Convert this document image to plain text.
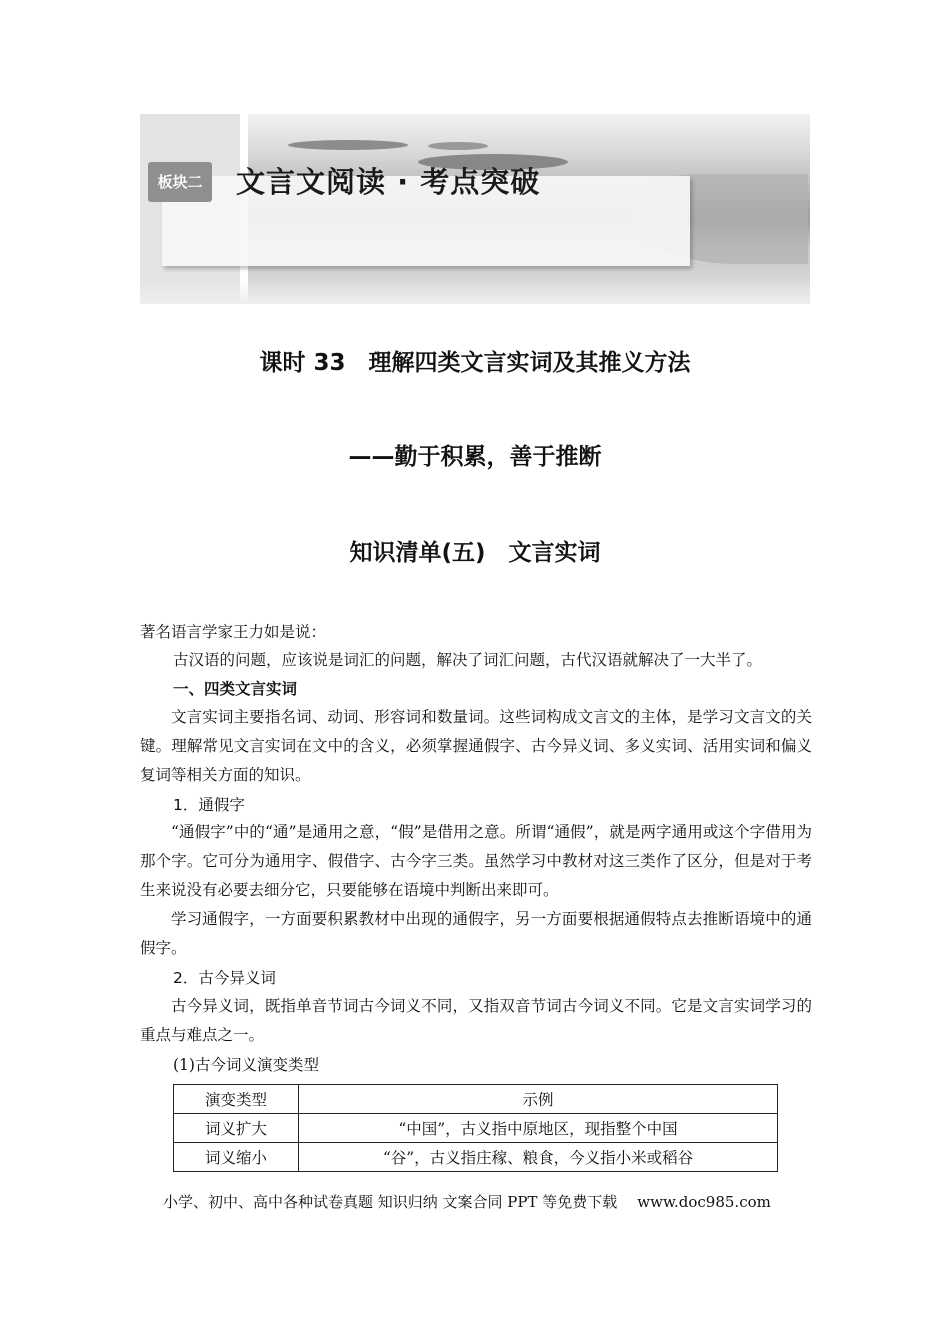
板块二	文言文阅读 · 考点突破
课时 33　理解四类文言实词及其推义方法
——勤于积累，善于推断
知识清单(五)　文言实词
著名语言学家王力如是说：
古汉语的问题，应该说是词汇的问题，解决了词汇问题，古代汉语就解决了一大半了。
一、四类文言实词

文言实词主要指名词、动词、形容词和数量词。这些词构成文言文的主体，是学习文言文的关键。理解常见文言实词在文中的含义，必须掌握通假字、古今异义词、多义实词、活用实词和偏义复词等相关方面的知识。

1．通假字

“通假字”中的“通”是通用之意，“假”是借用之意。所谓“通假”，就是两字通用或这个字借用为那个字。它可分为通用字、假借字、古今字三类。虽然学习中教材对这三类作了区分，但是对于考生来说没有必要去细分它，只要能够在语境中判断出来即可。

学习通假字，一方面要积累教材中出现的通假字，另一方面要根据通假特点去推断语境中的通假字。

2．古今异义词

古今异义词，既指单音节词古今词义不同，又指双音节词古今词义不同。它是文言实词学习的重点与难点之一。

(1)古今词义演变类型
演变类型	示例
词义扩大	“中国”，古义指中原地区，现指整个中国
词义缩小	“谷”，古义指庄稼、粮食，今义指小米或稻谷
小学、初中、高中各种试卷真题 知识归纳 文案合同 PPT 等免费下载 www.doc985.com
